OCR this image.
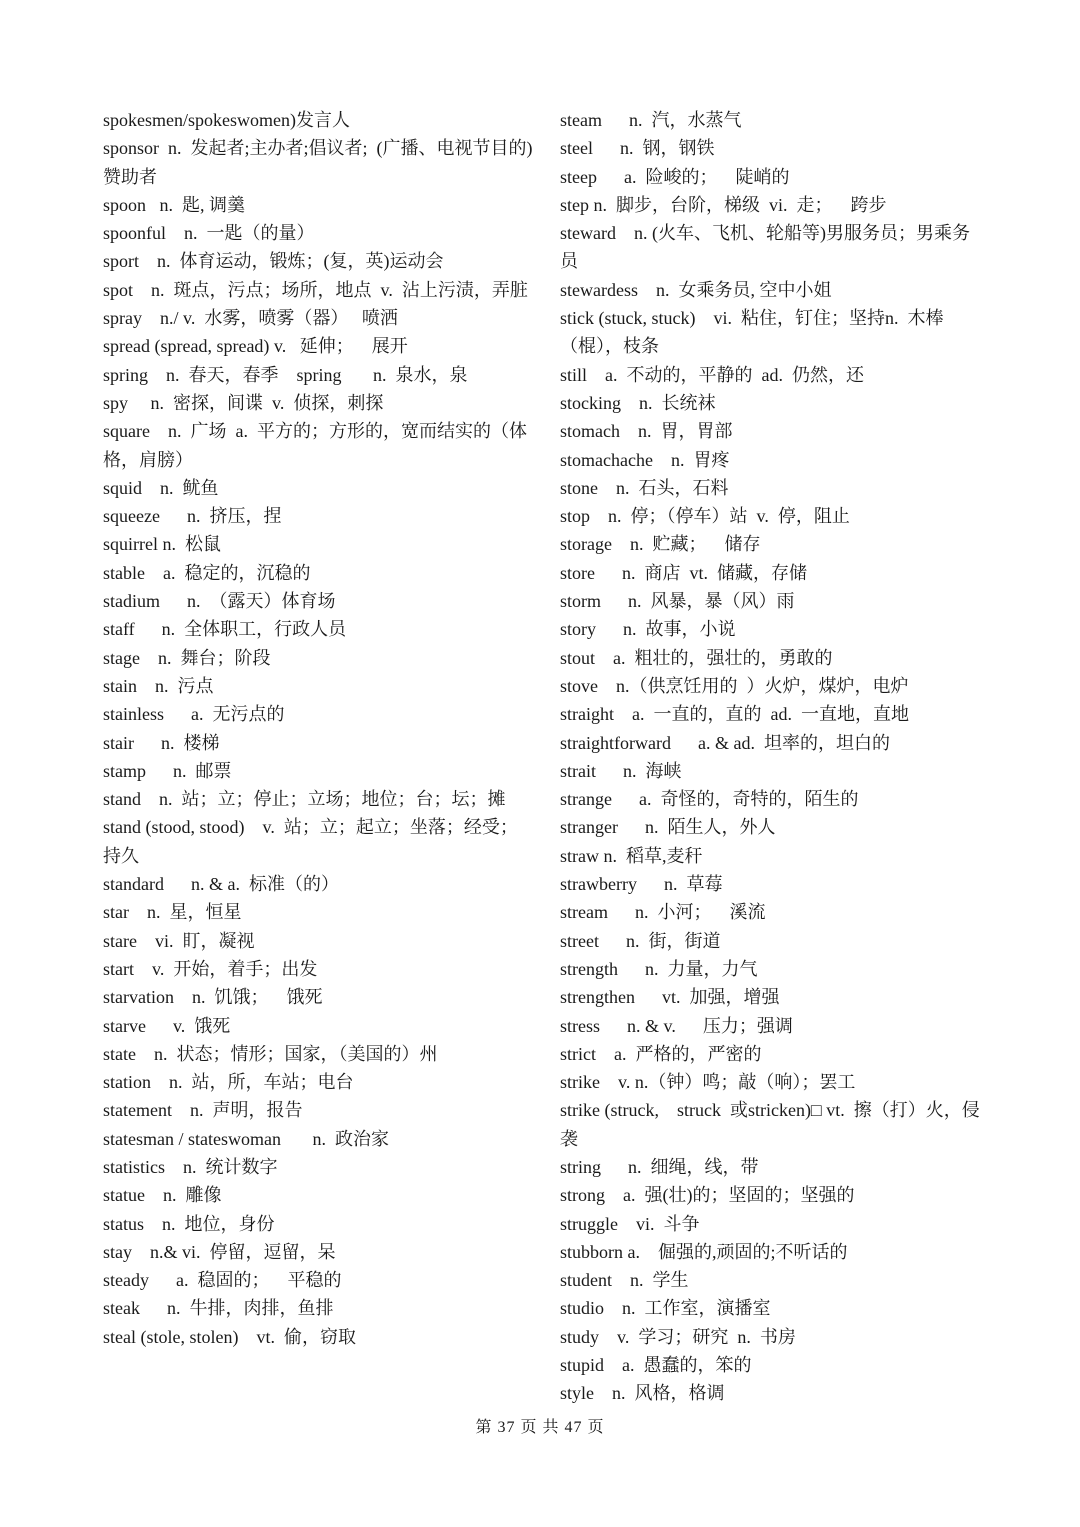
spokesmen/spokeswomen)发言人
sponsor  n.  发起者;主办者;倡议者;  (广播、电视节目的)赞助者
spoon   n.  匙, 调羹
spoonful    n.  一匙（的量）
sport    n.  体育运动，锻炼；(复，英)运动会
spot    n.  斑点，污点；场所，地点  v.  沾上污渍，弄脏
spray    n./ v.  水雾，喷雾（器）   喷洒
spread (spread, spread) v.   延伸；    展开
spring    n.  春天，春季    spring       n.  泉水，泉
spy     n.  密探，间谍  v.  侦探，刺探
square    n.  广场  a.  平方的；方形的，宽而结实的（体格，肩膀）
squid    n.  鱿鱼
squeeze      n.  挤压，捏
squirrel n.  松鼠
stable    a.  稳定的，沉稳的
stadium      n.  （露天）体育场
staff      n.  全体职工，行政人员
stage    n.  舞台；阶段
stain    n.  污点
stainless      a.  无污点的
stair      n.  楼梯
stamp      n.  邮票
stand    n.  站；立；停止；立场；地位；台；坛；摊
stand (stood, stood)    v.  站；立；起立；坐落；经受；持久
standard      n. & a.  标准（的）
star    n.  星，恒星
stare    vi.  盯，凝视
start    v.  开始，着手；出发
starvation    n.  饥饿；    饿死
starve      v.  饿死
state    n.  状态；情形；国家，（美国的）州
station    n.  站，所，车站；电台
statement    n.  声明，报告
statesman / stateswoman       n.  政治家
statistics    n.  统计数字
statue    n.  雕像
status    n.  地位，身份
stay    n.& vi.  停留，逗留，呆
steady      a.  稳固的；    平稳的
steak      n.  牛排，肉排，鱼排
steal (stole, stolen)    vt.  偷，窃取
steam      n.  汽，水蒸气
steel      n.  钢，钢铁
steep      a.  险峻的；    陡峭的
step n.  脚步，台阶，梯级  vi.  走；    跨步
steward    n. (火车、飞机、轮船等)男服务员；男乘务员
stewardess    n.  女乘务员, 空中小姐
stick (stuck, stuck)    vi.  粘住，钉住；坚持n.  木棒（棍），枝条
still    a.  不动的，平静的  ad.  仍然，还
stocking    n.  长统袜
stomach    n.  胃，胃部
stomachache    n.  胃疼
stone    n.  石头，石料
stop    n.  停；（停车）站  v.  停，阻止
storage    n.  贮藏；    储存
store      n.  商店  vt.  储藏，存储
storm      n.  风暴，暴（风）雨
story      n.  故事，小说
stout    a.  粗壮的，强壮的，勇敢的
stove    n.（供烹饪用的  ）火炉，煤炉，电炉
straight    a.  一直的，直的  ad.  一直地，直地
straightforward      a. & ad.  坦率的，坦白的
strait      n.  海峡
strange      a.  奇怪的，奇特的，陌生的
stranger      n.  陌生人，外人
straw n.  稻草,麦秆
strawberry      n.  草莓
stream      n.  小河；    溪流
street      n.  街，街道
strength      n.  力量，力气
strengthen      vt.  加强，增强
stress      n. & v.      压力；强调
strict    a.  严格的，严密的
strike    v. n.（钟）鸣；敲（响）；罢工
strike (struck,    struck  或stricken)□ vt.  擦（打）火，侵袭
string      n.  细绳，线，带
strong    a.  强(壮)的；坚固的；坚强的
struggle    vi.  斗争
stubborn a.    倔强的,顽固的;不听话的
student    n.  学生
studio    n.  工作室，演播室
study    v.  学习；研究  n.  书房
stupid    a.  愚蠢的，笨的
style    n.  风格，格调
第 37 页 共 47 页
